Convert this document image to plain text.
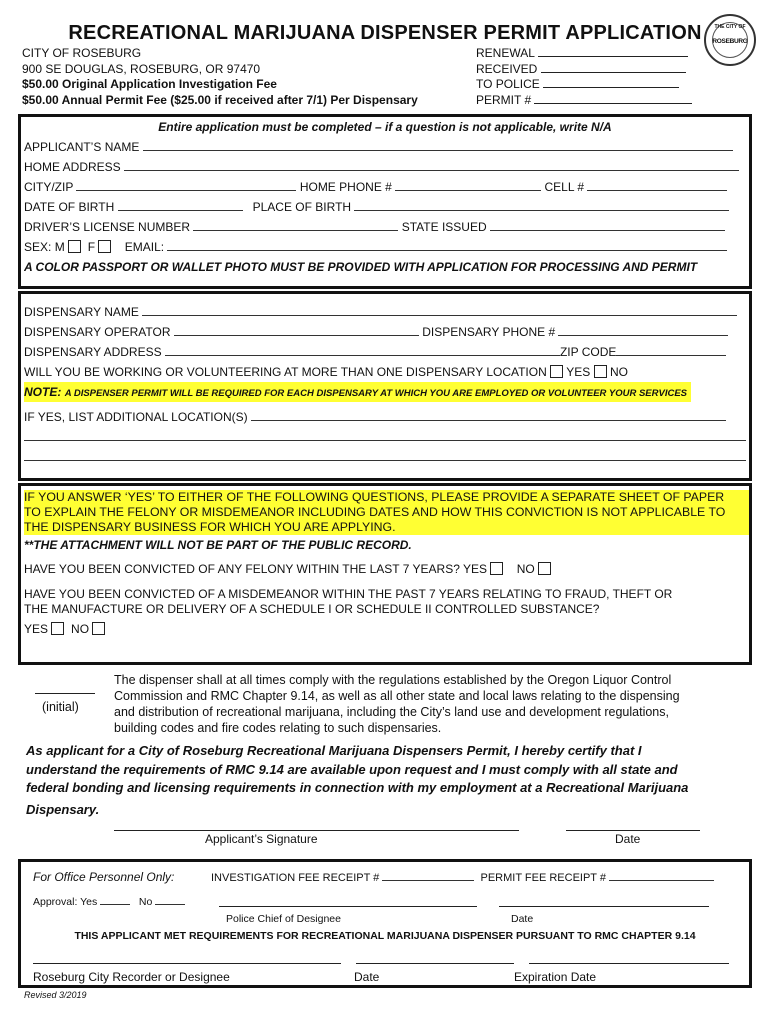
RECREATIONAL MARIJUANA DISPENSER PERMIT APPLICATION	THE CITY OF
ROSEBURG
CITY OF ROSEBURG
900 SE DOUGLAS, ROSEBURG, OR 97470
$50.00 Original Application Investigation Fee
$50.00 Annual Permit Fee ($25.00 if received after 7/1) Per Dispensary
RENEWAL
RECEIVED
TO POLICE
PERMIT #
Entire application must be completed – if a question is not applicable, write N/A
APPLICANT’S NAME
HOME ADDRESS
CITY/ZIP	HOME PHONE #	CELL #
DATE OF BIRTH	PLACE OF BIRTH
DRIVER’S LICENSE NUMBER	STATE ISSUED
SEX: M F EMAIL:
A COLOR PASSPORT OR WALLET PHOTO MUST BE PROVIDED WITH APPLICATION FOR PROCESSING AND PERMIT
DISPENSARY NAME
DISPENSARY OPERATOR	DISPENSARY PHONE #
DISPENSARY ADDRESS	ZIP CODE
WILL YOU BE WORKING OR VOLUNTEERING AT MORE THAN ONE DISPENSARY LOCATION YES NO
NOTE: A DISPENSER PERMIT WILL BE REQUIRED FOR EACH DISPENSARY AT WHICH YOU ARE EMPLOYED OR VOLUNTEER YOUR SERVICES
IF YES, LIST ADDITIONAL LOCATION(S)
IF YOU ANSWER ‘YES’ TO EITHER OF THE FOLLOWING QUESTIONS, PLEASE PROVIDE A SEPARATE SHEET OF PAPER
TO EXPLAIN THE FELONY OR MISDEMEANOR INCLUDING DATES AND HOW THIS CONVICTION IS NOT APPLICABLE TO
THE DISPENSARY BUSINESS FOR WHICH YOU ARE APPLYING.
**THE ATTACHMENT WILL NOT BE PART OF THE PUBLIC RECORD.
HAVE YOU BEEN CONVICTED OF ANY FELONY WITHIN THE LAST 7 YEARS? YES NO
HAVE YOU BEEN CONVICTED OF A MISDEMEANOR WITHIN THE PAST 7 YEARS RELATING TO FRAUD, THEFT OR
THE MANUFACTURE OR DELIVERY OF A SCHEDULE I OR SCHEDULE II CONTROLLED SUBSTANCE?
YES NO
(initial)
The dispenser shall at all times comply with the regulations established by the Oregon Liquor Control
Commission and RMC Chapter 9.14, as well as all other state and local laws relating to the dispensing
and distribution of recreational marijuana, including the City’s land use and development regulations,
building codes and fire codes relating to such dispensaries.
As applicant for a City of Roseburg Recreational Marijuana Dispensers Permit, I hereby certify that I
understand the requirements of RMC 9.14 are available upon request and I must comply with all state and
federal bonding and licensing requirements in connection with my employment at a Recreational Marijuana
Dispensary.
Applicant’s Signature	Date
For Office Personnel Only:	INVESTIGATION FEE RECEIPT #	PERMIT FEE RECEIPT #
Approval: Yes	No
Police Chief of Designee	Date
THIS APPLICANT MET REQUIREMENTS FOR RECREATIONAL MARIJUANA DISPENSER PURSUANT TO RMC CHAPTER 9.14
Roseburg City Recorder or Designee	Date	Expiration Date
Revised 3/2019
